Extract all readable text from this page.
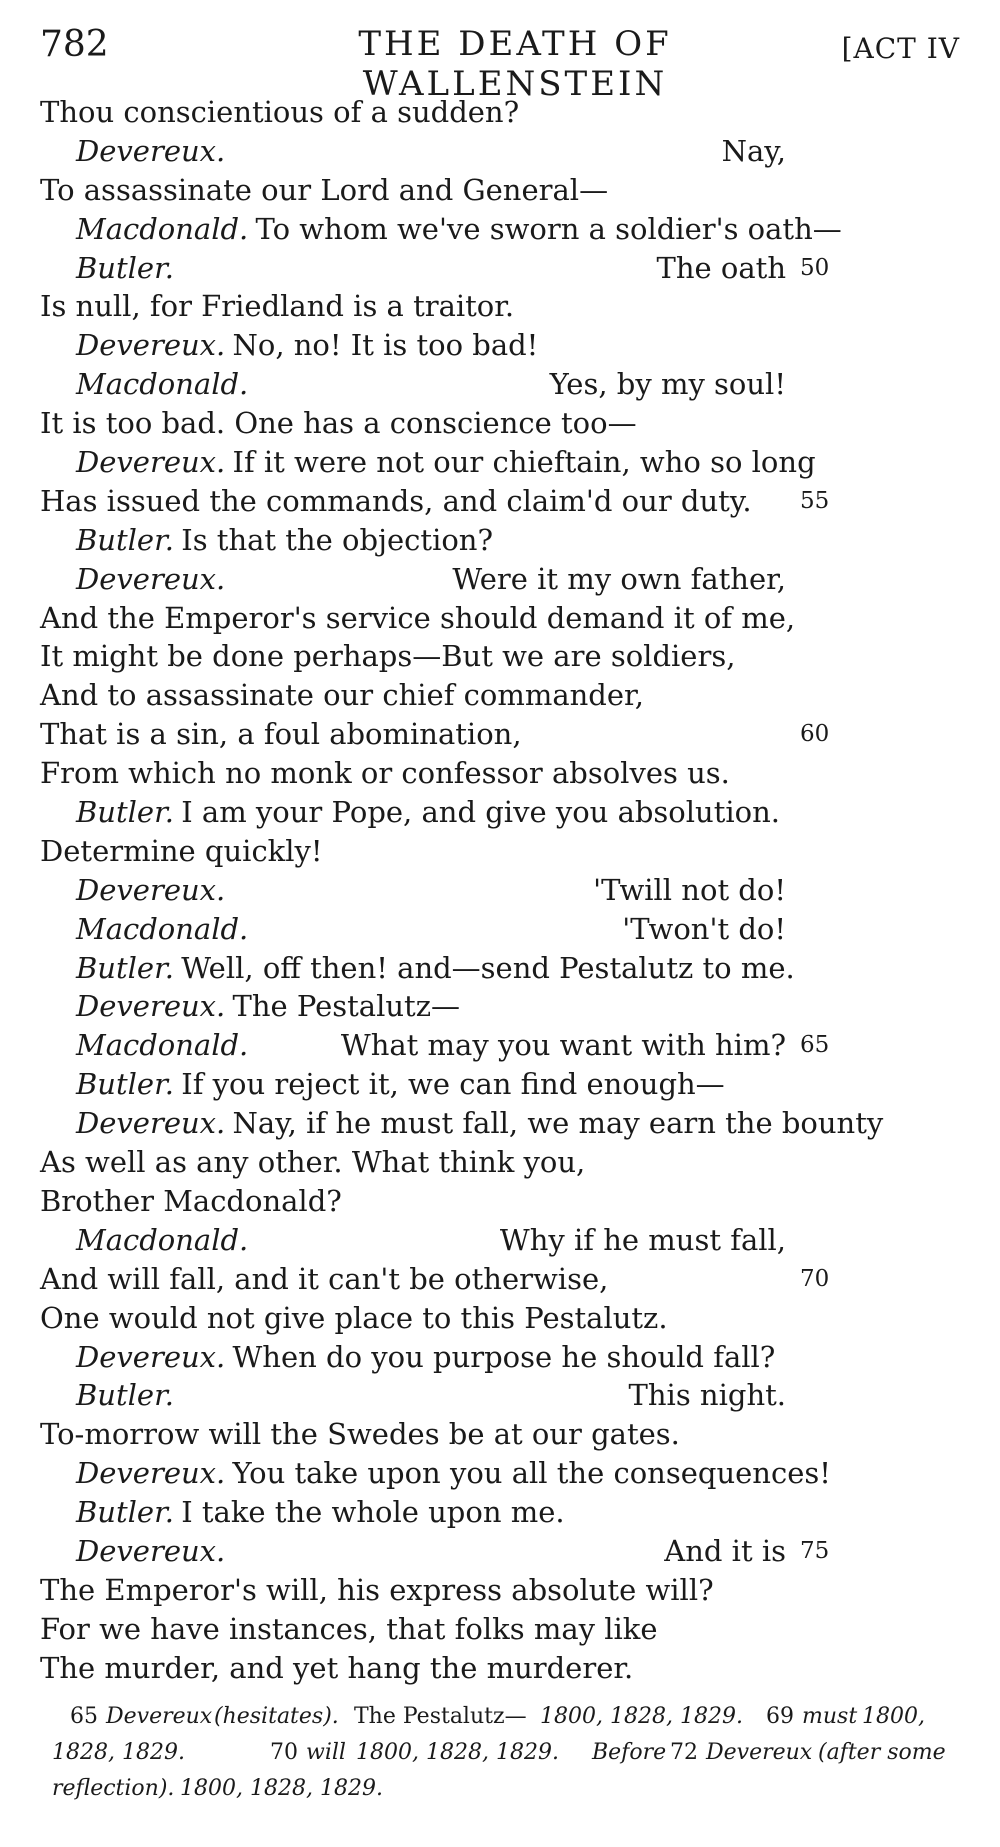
782	THE DEATH OF WALLENSTEIN
[ACT IV
Thou conscientious of a sudden?
Devereux.	Nay,
To assassinate our Lord and General—
Macdonald. To whom we've sworn a soldier's oath—
Butler.	The oath 50
Is null, for Friedland is a traitor.
Devereux. No, no! It is too bad!
Macdonald.	Yes, by my soul!
It is too bad. One has a conscience too—
Devereux. If it were not our chieftain, who so long
Has issued the commands, and claim'd our duty. 55
Butler. Is that the objection?
Devereux.	Were it my own father,
And the Emperor's service should demand it of me,
It might be done perhaps—But we are soldiers,
And to assassinate our chief commander,
That is a sin, a foul abomination,	60
From which no monk or confessor absolves us.
Butler. I am your Pope, and give you absolution.
Determine quickly!
Devereux.	'Twill not do!
Macdonald.	'Twon't do!
Butler. Well, off then! and—send Pestalutz to me.
Devereux. The Pestalutz—
Macdonald.	What may you want with him? 65
Butler. If you reject it, we can find enough—
Devereux. Nay, if he must fall, we may earn the bounty
As well as any other. What think you,
Brother Macdonald?
Macdonald.	Why if he must fall,
And will fall, and it can't be otherwise,	70
One would not give place to this Pestalutz.
Devereux. When do you purpose he should fall?
Butler.	This night.
To-morrow will the Swedes be at our gates.
Devereux. You take upon you all the consequences!
Butler. I take the whole upon me.
Devereux.	And it is 75
The Emperor's will, his express absolute will?
For we have instances, that folks may like
The murder, and yet hang the murderer.
65 Devereux (hesitates). The Pestalutz— 1800, 1828, 1829. 69 must 1800,
1828, 1829.	70 will 1800, 1828, 1829. Before 72 Devereux (after some
reflection). 1800, 1828, 1829.
